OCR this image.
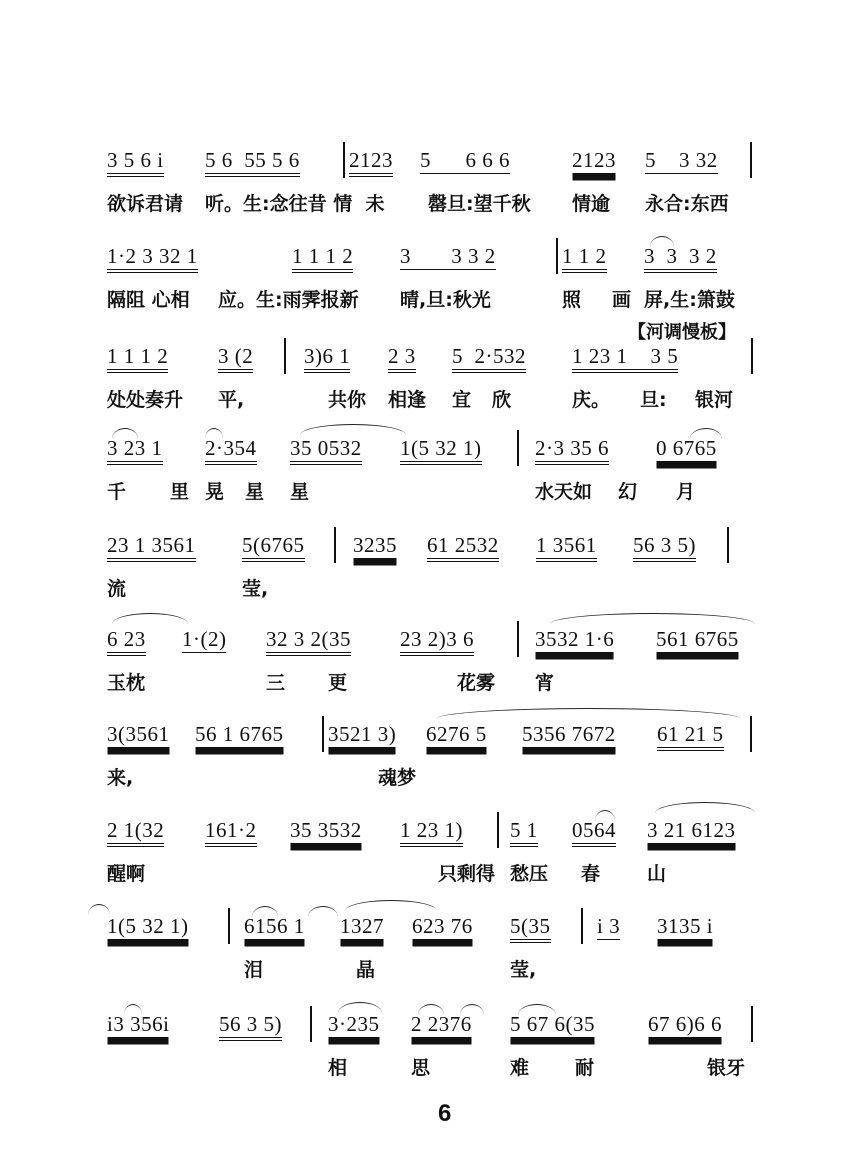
3 5 6 i 5 6  55 5 6 2123 5      6 6 6	2123 5    3 32
欲诉君请 听。生:念往昔 情  未 罄旦:望千秋 情逾 永合:东西
1·2 3 32 1	1 1 1 2 3       3 3 2	1 1 2 3  3  3 2
隔阻 心相 应。生:雨霁报新 晴,旦:秋光	照 画 屏,生:箫鼓
【河调慢板】
1 1 1 2 3 (2 3)6 1 2 3 5  2·532 1 23 1    3 5
处处奏升 平,	共你 相逢 宜 欣	庆。 旦: 银河
3 23 1 2·354 35 0532 1(5 32 1)	2·3 35 6 0 6765
千 里 晃 星 星	水天如 幻 月
23 1 3561 5(6765 3235 61 2532 1 3561 56 3 5)
流	莹,
6 23 1·(2) 32 3 2(35 23 2)3 6	3532 1·6 561 6765
玉枕	三 更	花雾 宵
3(3561 56 1 6765 3521 3) 6276 5 5356 7672 61 21 5
来,	魂梦
2 1(32 161·2 35 3532 1 23 1) 5 1 0564 3 21 6123
醒啊	只剩得 愁压 春 山
1(5 32 1)	6156 1 1327 623 76 5(35 i 3 3135 i
泪	晶	莹,
i3 356i 56 3 5) 3·235 2 2376 5 67 6(35	67 6)6 6
相	思	难 耐	银牙
6
